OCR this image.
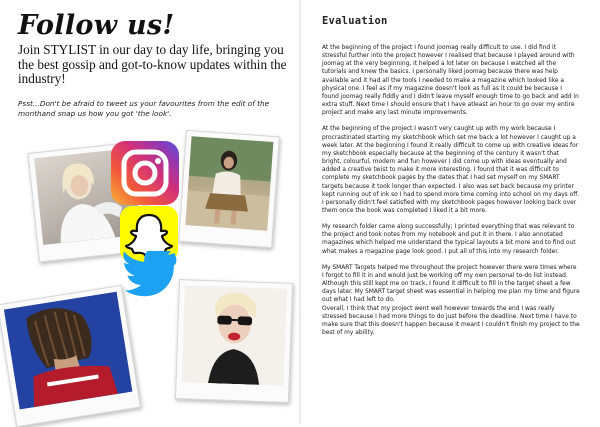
Follow us!

Join STYLIST in our day to day life, bringing you the best gossip and got-to-know updates within the industry!

Psst...Don't be afraid to tweet us your favourites from the edit of the monthand snap us how you got 'the look'.

Evaluation

At the beginning of the project I found joomag really difficult to use. I did find it stressful further into the project however I realised that because I played around with joomag at the very beginning, it helped a lot later on because I watched all the tutorials and knew the basics. I personally liked joomag because there was help available and it had all the tools I needed to make a magazine which looked like a physical one. I feel as if my magazine doesn't look as full as it could be because I found joomag really fiddly and I didn't leave myself enough time to go back and add in extra stuff. Next time I should ensure that I have atleast an hour to go over my entire project and make any last minute improvements.

At the beginning of the project I wasn't very caught up with my work because I procrastinated starting my sketchbook which set me back a lot however I caught up a week later. At the beginning I found it really difficult to come up with creative ideas for my sketchbook especially because at the beginning of the century it wasn't that bright, colourful, modern and fun however I did come up with ideas eventually and added a creative twist to make it more interesting. I found that it was difficult to complete my sketchbook pages by the dates that I had set myself on my SMART targets because it took longer than expected. I also was set back because my printer kept running out of ink so I had to spend more time coming into school on my days off. I personally didn't feel satisfied with my sketchbook pages however looking back over them once the book was completed I liked it a bit more.

My research folder came along successfully; I printed everything that was relevant to the project and took notes from my notebook and put it in there. I also annotated magazines which helped me understand the typical layouts a bit more and to find out what makes a magazine page look good. I put all of this into my research folder.

My SMART Targets helped me throughout the project however there were times where I forgot to fill it in and would just be working off my own personal to-do list instead. Although this still kept me on track, I found it difficult to fill in the target sheet a few days later. My SMART target sheet was essential in helping me plan my time and figure out what I had left to do.

Overall, I think that my project went well however towards the end I was really stressed because I had more things to do just before the deadline. Next time I have to make sure that this doesn't happen because it meant I couldn't finish my project to the best of my ability.
